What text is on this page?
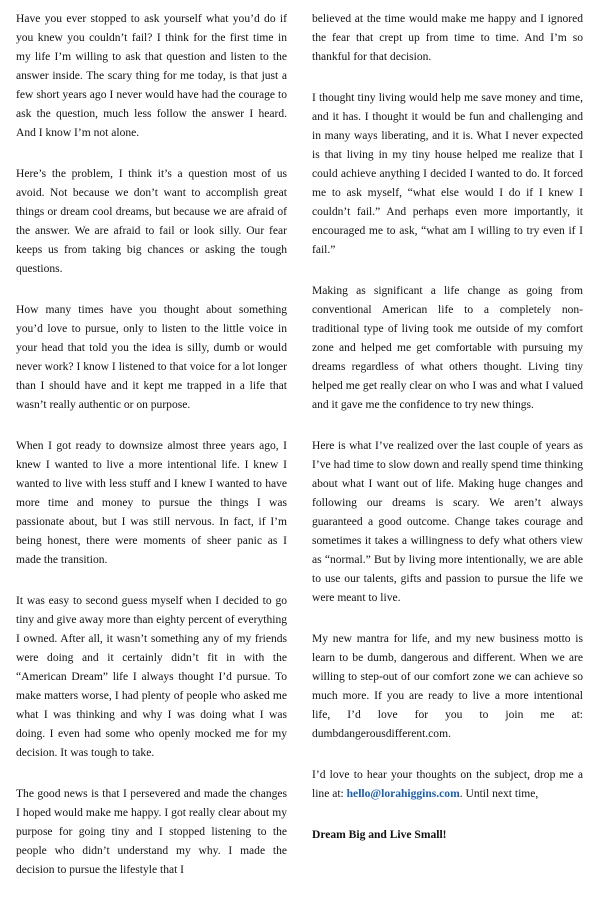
Have you ever stopped to ask yourself what you’d do if you knew you couldn’t fail? I think for the first time in my life I’m willing to ask that question and listen to the answer inside. The scary thing for me today, is that just a few short years ago I never would have had the courage to ask the question, much less follow the answer I heard. And I know I’m not alone.

Here’s the problem, I think it’s a question most of us avoid. Not because we don’t want to accomplish great things or dream cool dreams, but because we are afraid of the answer. We are afraid to fail or look silly. Our fear keeps us from taking big chances or asking the tough questions.

How many times have you thought about something you’d love to pursue, only to listen to the little voice in your head that told you the idea is silly, dumb or would never work? I know I listened to that voice for a lot longer than I should have and it kept me trapped in a life that wasn’t really authentic or on purpose.

When I got ready to downsize almost three years ago, I knew I wanted to live a more intentional life. I knew I wanted to live with less stuff and I knew I wanted to have more time and money to pursue the things I was passionate about, but I was still nervous. In fact, if I’m being honest, there were moments of sheer panic as I made the transition.

It was easy to second guess myself when I decided to go tiny and give away more than eighty percent of everything I owned. After all, it wasn’t something any of my friends were doing and it certainly didn’t fit in with the “American Dream” life I always thought I’d pursue. To make matters worse, I had plenty of people who asked me what I was thinking and why I was doing what I was doing. I even had some who openly mocked me for my decision. It was tough to take.

The good news is that I persevered and made the changes I hoped would make me happy. I got really clear about my purpose for going tiny and I stopped listening to the people who didn’t understand my why. I made the decision to pursue the lifestyle that I

believed at the time would make me happy and I ignored the fear that crept up from time to time. And I’m so thankful for that decision.

I thought tiny living would help me save money and time, and it has. I thought it would be fun and challenging and in many ways liberating, and it is. What I never expected is that living in my tiny house helped me realize that I could achieve anything I decided I wanted to do. It forced me to ask myself, “what else would I do if I knew I couldn’t fail.” And perhaps even more importantly, it encouraged me to ask, “what am I willing to try even if I fail.”

Making as significant a life change as going from conventional American life to a completely non-traditional type of living took me outside of my comfort zone and helped me get comfortable with pursuing my dreams regardless of what others thought. Living tiny helped me get really clear on who I was and what I valued and it gave me the confidence to try new things.

Here is what I’ve realized over the last couple of years as I’ve had time to slow down and really spend time thinking about what I want out of life. Making huge changes and following our dreams is scary. We aren’t always guaranteed a good outcome. Change takes courage and sometimes it takes a willingness to defy what others view as “normal.” But by living more intentionally, we are able to use our talents, gifts and passion to pursue the life we were meant to live.

My new mantra for life, and my new business motto is learn to be dumb, dangerous and different. When we are willing to step-out of our comfort zone we can achieve so much more. If you are ready to live a more intentional life, I’d love for you to join me at: dumbdangerousdifferent.com.

I’d love to hear your thoughts on the subject, drop me a line at: hello@lorahiggins.com. Until next time,

Dream Big and Live Small!
